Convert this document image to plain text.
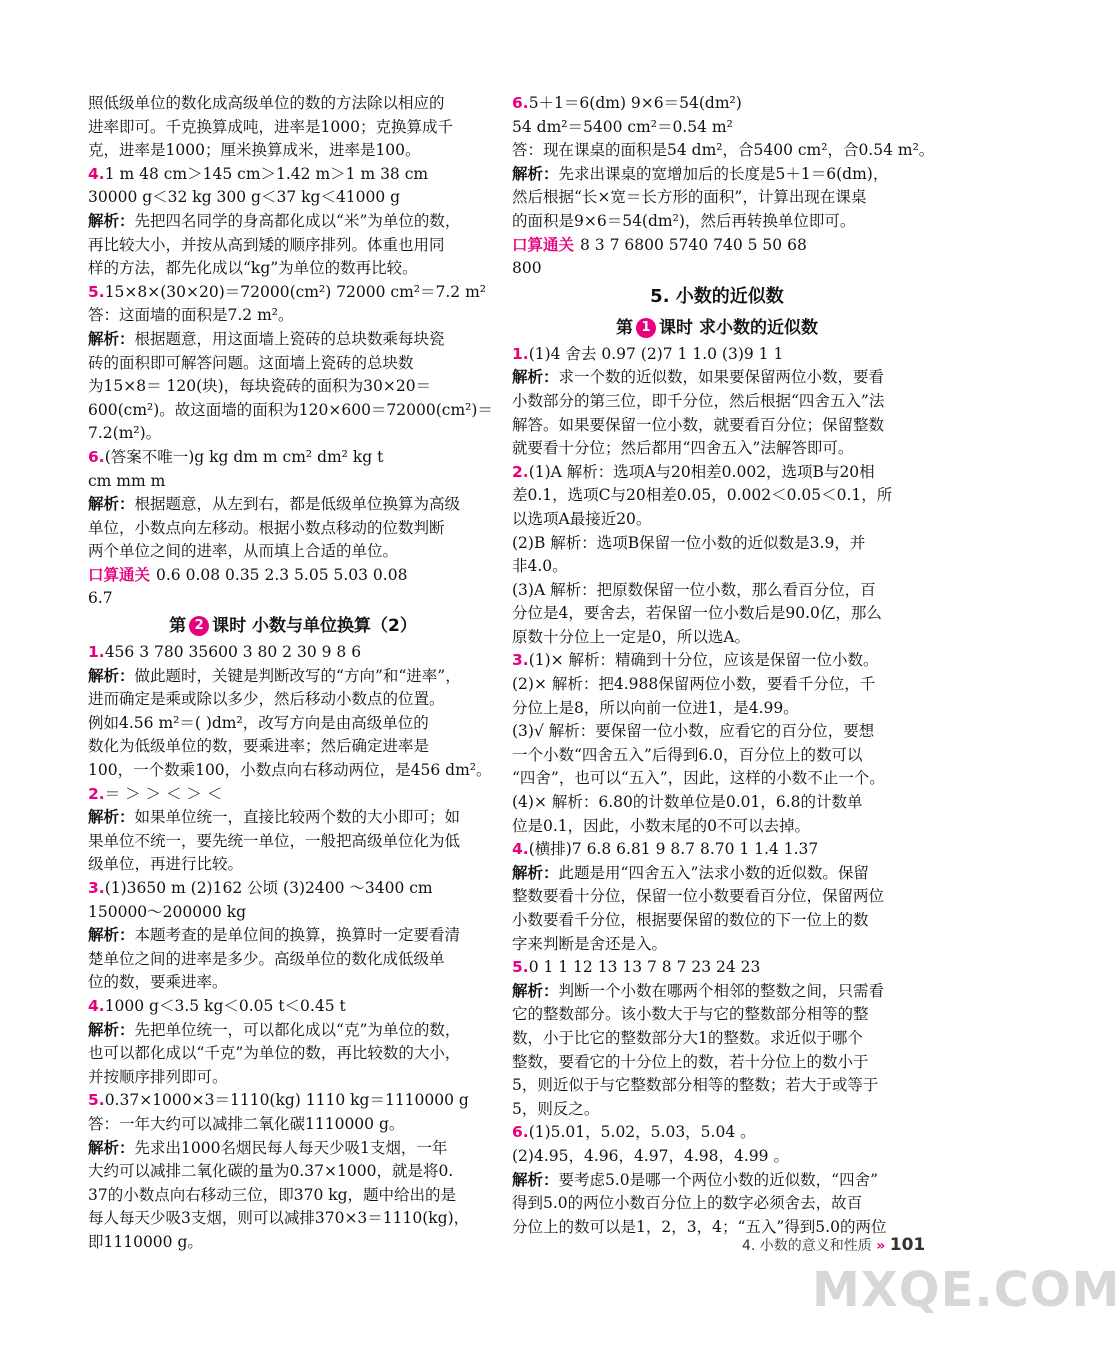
照低级单位的数化成高级单位的数的方法除以相应的
进率即可。千克换算成吨，进率是1000；克换算成千
克，进率是1000；厘米换算成米，进率是100。
4.1 m 48 cm＞145 cm＞1.42 m＞1 m 38 cm
30000 g＜32 kg 300 g＜37 kg＜41000 g
解析：先把四名同学的身高都化成以“米”为单位的数，
再比较大小，并按从高到矮的顺序排列。体重也用同
样的方法，都先化成以“kg”为单位的数再比较。
5.15×8×(30×20)＝72000(cm²) 72000 cm²＝7.2 m²
答：这面墙的面积是7.2 m²。
解析：根据题意，用这面墙上瓷砖的总块数乘每块瓷
砖的面积即可解答问题。这面墙上瓷砖的总块数
为15×8＝ 120(块)，每块瓷砖的面积为30×20＝
600(cm²)。故这面墙的面积为120×600＝72000(cm²)＝
7.2(m²)。
6.(答案不唯一)g kg dm m cm² dm² kg t
cm mm m
解析：根据题意，从左到右，都是低级单位换算为高级
单位，小数点向左移动。根据小数点移动的位数判断
两个单位之间的进率，从而填上合适的单位。
口算通关 0.6 0.08 0.35 2.3 5.05 5.03 0.08
6.7
第 2 课时 小数与单位换算（2）
1.456 3 780 35600 3 80 2 30 9 8 6
解析：做此题时，关键是判断改写的“方向”和“进率”，
进而确定是乘或除以多少，然后移动小数点的位置。
例如4.56 m²＝( )dm²，改写方向是由高级单位的
数化为低级单位的数，要乘进率；然后确定进率是
100，一个数乘100，小数点向右移动两位，是456 dm²。
2.＝ ＞ ＞ ＜ ＞ ＜
解析：如果单位统一，直接比较两个数的大小即可；如
果单位不统一，要先统一单位，一般把高级单位化为低
级单位，再进行比较。
3.(1)3650 m (2)162 公顷 (3)2400 ～3400 cm
150000～200000 kg
解析：本题考查的是单位间的换算，换算时一定要看清
楚单位之间的进率是多少。高级单位的数化成低级单
位的数，要乘进率。
4.1000 g＜3.5 kg＜0.05 t＜0.45 t
解析：先把单位统一，可以都化成以“克”为单位的数，
也可以都化成以“千克”为单位的数，再比较数的大小，
并按顺序排列即可。
5.0.37×1000×3＝1110(kg) 1110 kg＝1110000 g
答：一年大约可以减排二氧化碳1110000 g。
解析：先求出1000名烟民每人每天少吸1支烟，一年
大约可以减排二氧化碳的量为0.37×1000，就是将0.
37的小数点向右移动三位，即370 kg，题中给出的是
每人每天少吸3支烟，则可以减排370×3＝1110(kg)，
即1110000 g。
6.5＋1＝6(dm) 9×6＝54(dm²)
54 dm²＝5400 cm²＝0.54 m²
答：现在课桌的面积是54 dm²，合5400 cm²，合0.54 m²。
解析：先求出课桌的宽增加后的长度是5＋1＝6(dm)，
然后根据“长×宽＝长方形的面积”，计算出现在课桌
的面积是9×6＝54(dm²)，然后再转换单位即可。
口算通关 8 3 7 6800 5740 740 5 50 68
800
5. 小数的近似数
第 1 课时 求小数的近似数
1.(1)4 舍去 0.97 (2)7 1 1.0 (3)9 1 1
解析：求一个数的近似数，如果要保留两位小数，要看
小数部分的第三位，即千分位，然后根据“四舍五入”法
解答。如果要保留一位小数，就要看百分位；保留整数
就要看十分位；然后都用“四舍五入”法解答即可。
2.(1)A 解析：选项A与20相差0.002，选项B与20相
差0.1，选项C与20相差0.05，0.002＜0.05＜0.1，所
以选项A最接近20。
(2)B 解析：选项B保留一位小数的近似数是3.9，并
非4.0。
(3)A 解析：把原数保留一位小数，那么看百分位，百
分位是4，要舍去，若保留一位小数后是90.0亿，那么
原数十分位上一定是0，所以选A。
3.(1)× 解析：精确到十分位，应该是保留一位小数。
(2)× 解析：把4.988保留两位小数，要看千分位，千
分位上是8，所以向前一位进1，是4.99。
(3)√ 解析：要保留一位小数，应看它的百分位，要想
一个小数“四舍五入”后得到6.0，百分位上的数可以
“四舍”，也可以“五入”，因此，这样的小数不止一个。
(4)× 解析：6.80的计数单位是0.01，6.8的计数单
位是0.1，因此，小数末尾的0不可以去掉。
4.(横排)7 6.8 6.81 9 8.7 8.70 1 1.4 1.37
解析：此题是用“四舍五入”法求小数的近似数。保留
整数要看十分位，保留一位小数要看百分位，保留两位
小数要看千分位，根据要保留的数位的下一位上的数
字来判断是舍还是入。
5.0 1 1 12 13 13 7 8 7 23 24 23
解析：判断一个小数在哪两个相邻的整数之间，只需看
它的整数部分。该小数大于与它的整数部分相等的整
数，小于比它的整数部分大1的整数。求近似于哪个
整数，要看它的十分位上的数，若十分位上的数小于
5，则近似于与它整数部分相等的整数；若大于或等于
5，则反之。
6.(1)5.01，5.02，5.03，5.04 。
(2)4.95，4.96，4.97，4.98，4.99 。
解析：要考虑5.0是哪一个两位小数的近似数，“四舍”
得到5.0的两位小数百分位上的数字必须舍去，故百
分位上的数可以是1，2，3，4；“五入”得到5.0的两位
4. 小数的意义和性质 » 101
MXQE.COM
